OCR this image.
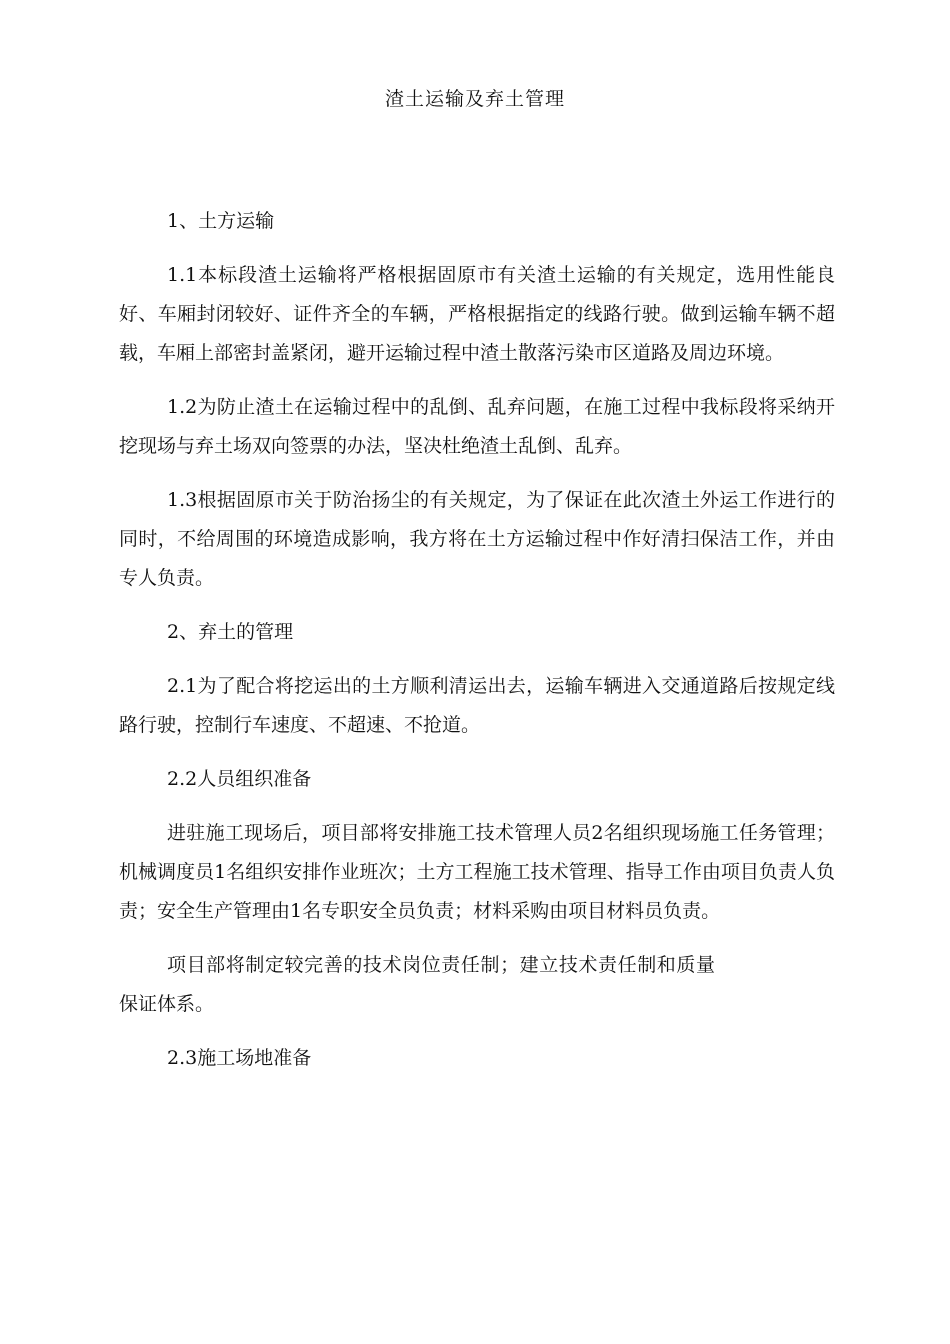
渣土运输及弃土管理

1、土方运输

1.1本标段渣土运输将严格根据固原市有关渣土运输的有关规定，选用性能良好、车厢封闭较好、证件齐全的车辆，严格根据指定的线路行驶。做到运输车辆不超载，车厢上部密封盖紧闭，避开运输过程中渣土散落污染市区道路及周边环境。

1.2为防止渣土在运输过程中的乱倒、乱弃问题，在施工过程中我标段将采纳开挖现场与弃土场双向签票的办法，坚决杜绝渣土乱倒、乱弃。

1.3根据固原市关于防治扬尘的有关规定，为了保证在此次渣土外运工作进行的同时，不给周围的环境造成影响，我方将在土方运输过程中作好清扫保洁工作，并由专人负责。

2、弃土的管理

2.1为了配合将挖运出的土方顺利清运出去，运输车辆进入交通道路后按规定线路行驶，控制行车速度、不超速、不抢道。

2.2人员组织准备

进驻施工现场后，项目部将安排施工技术管理人员2名组织现场施工任务管理；机械调度员1名组织安排作业班次；土方工程施工技术管理、指导工作由项目负责人负责；安全生产管理由1名专职安全员负责；材料采购由项目材料员负责。

项目部将制定较完善的技术岗位责任制；建立技术责任制和质量保证体系。

2.3施工场地准备
